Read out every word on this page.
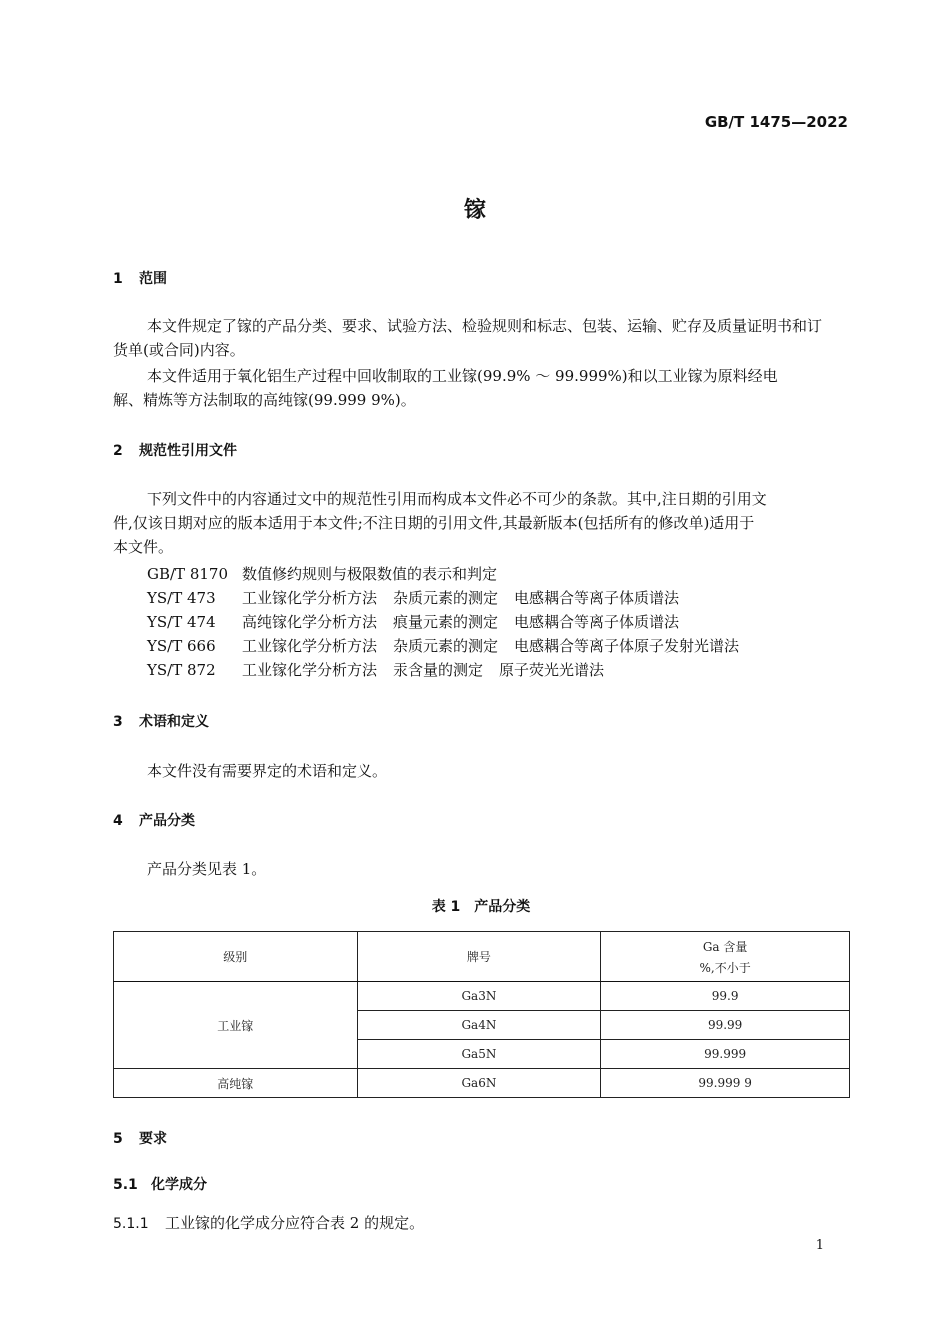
GB/T 1475—2022
镓
1 范围
本文件规定了镓的产品分类、要求、试验方法、检验规则和标志、包装、运输、贮存及质量证明书和订
货单(或合同)内容。
本文件适用于氧化铝生产过程中回收制取的工业镓(99.9% ～ 99.999%)和以工业镓为原料经电
解、精炼等方法制取的高纯镓(99.999 9%)。
2 规范性引用文件
下列文件中的内容通过文中的规范性引用而构成本文件必不可少的条款。其中,注日期的引用文
件,仅该日期对应的版本适用于本文件;不注日期的引用文件,其最新版本(包括所有的修改单)适用于
本文件。
GB/T 8170 数值修约规则与极限数值的表示和判定
YS/T 473 工业镓化学分析方法 杂质元素的测定 电感耦合等离子体质谱法
YS/T 474 高纯镓化学分析方法 痕量元素的测定 电感耦合等离子体质谱法
YS/T 666 工业镓化学分析方法 杂质元素的测定 电感耦合等离子体原子发射光谱法
YS/T 872 工业镓化学分析方法 汞含量的测定 原子荧光光谱法
3 术语和定义
本文件没有需要界定的术语和定义。
4 产品分类
产品分类见表 1。
表 1　产品分类
级别	牌号	Ga 含量
%,不小于

工业镓	Ga3N	99.9
	Ga4N	99.99
	Ga5N	99.999
高纯镓	Ga6N	99.999 9
5 要求
5.1 化学成分
5.1.1 工业镓的化学成分应符合表 2 的规定。
1
